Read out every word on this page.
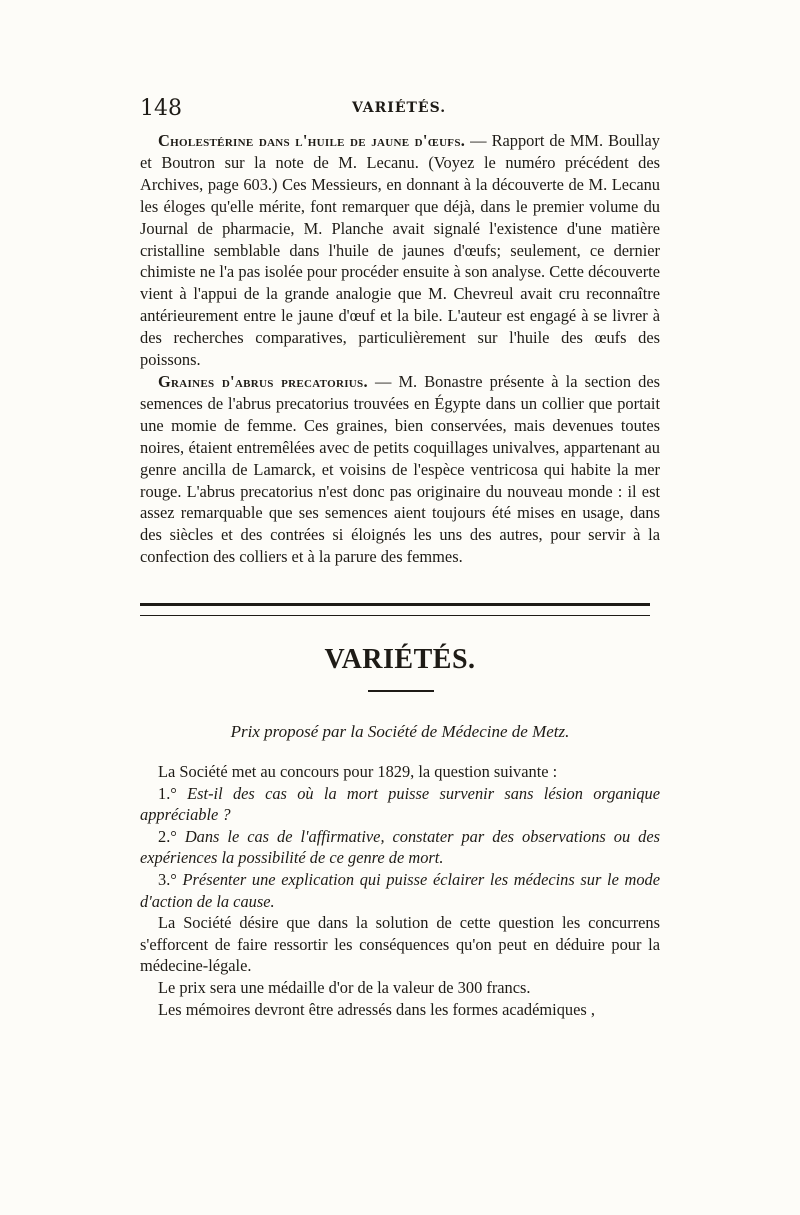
148	VARIÉTÉS.

Cholestérine dans l'huile de jaune d'œufs. — Rapport de MM. Boullay et Boutron sur la note de M. Lecanu. (Voyez le numéro précédent des Archives, page 603.) Ces Messieurs, en donnant à la découverte de M. Lecanu les éloges qu'elle mérite, font remarquer que déjà, dans le premier volume du Journal de pharmacie, M. Planche avait signalé l'existence d'une matière cristalline semblable dans l'huile de jaunes d'œufs; seulement, ce dernier chimiste ne l'a pas isolée pour procéder ensuite à son analyse. Cette découverte vient à l'appui de la grande analogie que M. Chevreul avait cru reconnaître antérieurement entre le jaune d'œuf et la bile. L'auteur est engagé à se livrer à des recherches comparatives, particulièrement sur l'huile des œufs des poissons.

Graines d'abrus precatorius. — M. Bonastre présente à la section des semences de l'abrus precatorius trouvées en Égypte dans un collier que portait une momie de femme. Ces graines, bien conservées, mais devenues toutes noires, étaient entremêlées avec de petits coquillages univalves, appartenant au genre ancilla de Lamarck, et voisins de l'espèce ventricosa qui habite la mer rouge. L'abrus precatorius n'est donc pas originaire du nouveau monde : il est assez remarquable que ses semences aient toujours été mises en usage, dans des siècles et des contrées si éloignés les uns des autres, pour servir à la confection des colliers et à la parure des femmes.

VARIÉTÉS.
Prix proposé par la Société de Médecine de Metz.

La Société met au concours pour 1829, la question suivante :

1.° Est-il des cas où la mort puisse survenir sans lésion organique appréciable ?

2.° Dans le cas de l'affirmative, constater par des observations ou des expériences la possibilité de ce genre de mort.

3.° Présenter une explication qui puisse éclairer les médecins sur le mode d'action de la cause.

La Société désire que dans la solution de cette question les concurrens s'efforcent de faire ressortir les conséquences qu'on peut en déduire pour la médecine-légale.

Le prix sera une médaille d'or de la valeur de 300 francs.

Les mémoires devront être adressés dans les formes académiques ,
